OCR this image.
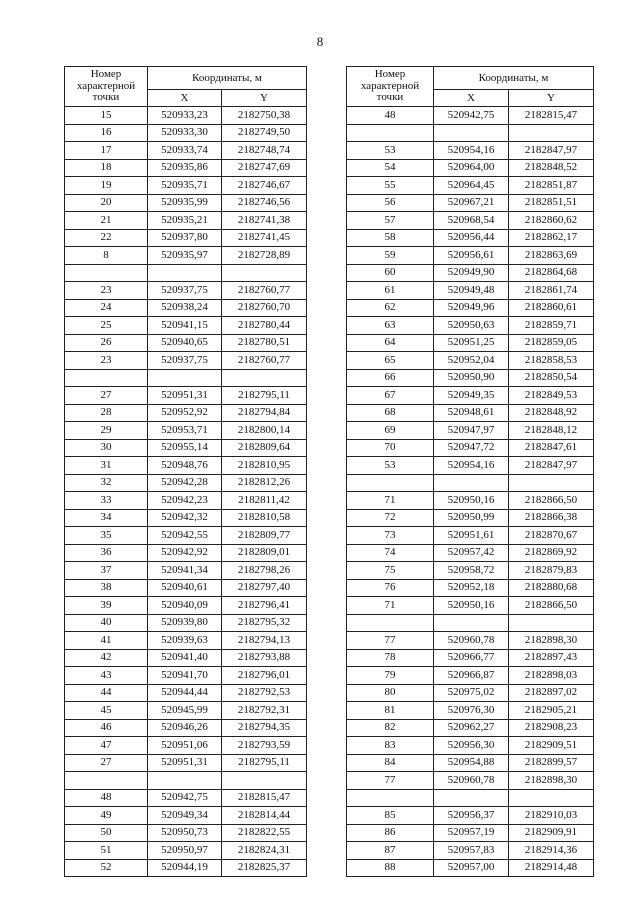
8
Номер характерной точки	Координаты, м	
	X	Y
15	520933,23	2182750,38
16	520933,30	2182749,50
17	520933,74	2182748,74
18	520935,86	2182747,69
19	520935,71	2182746,67
20	520935,99	2182746,56
21	520935,21	2182741,38
22	520937,80	2182741,45
8	520935,97	2182728,89

23	520937,75	2182760,77
24	520938,24	2182760,70
25	520941,15	2182780,44
26	520940,65	2182780,51
23	520937,75	2182760,77

27	520951,31	2182795,11
28	520952,92	2182794,84
29	520953,71	2182800,14
30	520955,14	2182809,64
31	520948,76	2182810,95
32	520942,28	2182812,26
33	520942,23	2182811,42
34	520942,32	2182810,58
35	520942,55	2182809,77
36	520942,92	2182809,01
37	520941,34	2182798,26
38	520940,61	2182797,40
39	520940,09	2182796,41
40	520939,80	2182795,32
41	520939,63	2182794,13
42	520941,40	2182793,88
43	520941,70	2182796,01
44	520944,44	2182792,53
45	520945,99	2182792,31
46	520946,26	2182794,35
47	520951,06	2182793,59
27	520951,31	2182795,11

48	520942,75	2182815,47
49	520949,34	2182814,44
50	520950,73	2182822,55
51	520950,97	2182824,31
52	520944,19	2182825,37
Номер характерной точки	Координаты, м	
	X	Y
48	520942,75	2182815,47

53	520954,16	2182847,97
54	520964,00	2182848,52
55	520964,45	2182851,87
56	520967,21	2182851,51
57	520968,54	2182860,62
58	520956,44	2182862,17
59	520956,61	2182863,69
60	520949,90	2182864,68
61	520949,48	2182861,74
62	520949,96	2182860,61
63	520950,63	2182859,71
64	520951,25	2182859,05
65	520952,04	2182858,53
66	520950,90	2182850,54
67	520949,35	2182849,53
68	520948,61	2182848,92
69	520947,97	2182848,12
70	520947,72	2182847,61
53	520954,16	2182847,97

71	520950,16	2182866,50
72	520950,99	2182866,38
73	520951,61	2182870,67
74	520957,42	2182869,92
75	520958,72	2182879,83
76	520952,18	2182880,68
71	520950,16	2182866,50

77	520960,78	2182898,30
78	520966,77	2182897,43
79	520966,87	2182898,03
80	520975,02	2182897,02
81	520976,30	2182905,21
82	520962,27	2182908,23
83	520956,30	2182909,51
84	520954,88	2182899,57
77	520960,78	2182898,30

85	520956,37	2182910,03
86	520957,19	2182909,91
87	520957,83	2182914,36
88	520957,00	2182914,48
